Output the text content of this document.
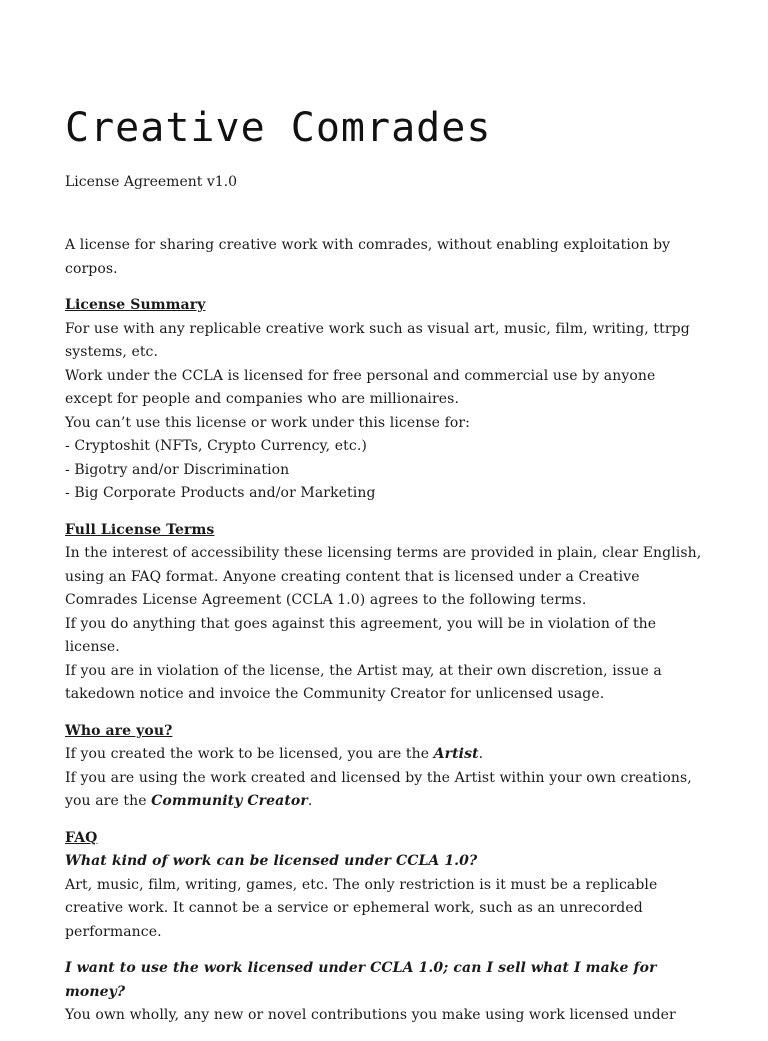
Creative Comrades

License Agreement v1.0

A license for sharing creative work with comrades, without enabling exploitation by corpos.

License Summary
For use with any replicable creative work such as visual art, music, film, writing, ttrpg systems, etc.
Work under the CCLA is licensed for free personal and commercial use by anyone except for people and companies who are millionaires.
You can’t use this license or work under this license for:
- Cryptoshit (NFTs, Crypto Currency, etc.)
- Bigotry and/or Discrimination
- Big Corporate Products and/or Marketing

Full License Terms
In the interest of accessibility these licensing terms are provided in plain, clear English, using an FAQ format. Anyone creating content that is licensed under a Creative Comrades License Agreement (CCLA 1.0) agrees to the following terms.
If you do anything that goes against this agreement, you will be in violation of the license.
If you are in violation of the license, the Artist may, at their own discretion, issue a takedown notice and invoice the Community Creator for unlicensed usage.

Who are you?
If you created the work to be licensed, you are the Artist.
If you are using the work created and licensed by the Artist within your own creations, you are the Community Creator.

FAQ
What kind of work can be licensed under CCLA 1.0?
Art, music, film, writing, games, etc. The only restriction is it must be a replicable creative work. It cannot be a service or ephemeral work, such as an unrecorded performance.

I want to use the work licensed under CCLA 1.0; can I sell what I make for money?
You own wholly, any new or novel contributions you make using work licensed under
